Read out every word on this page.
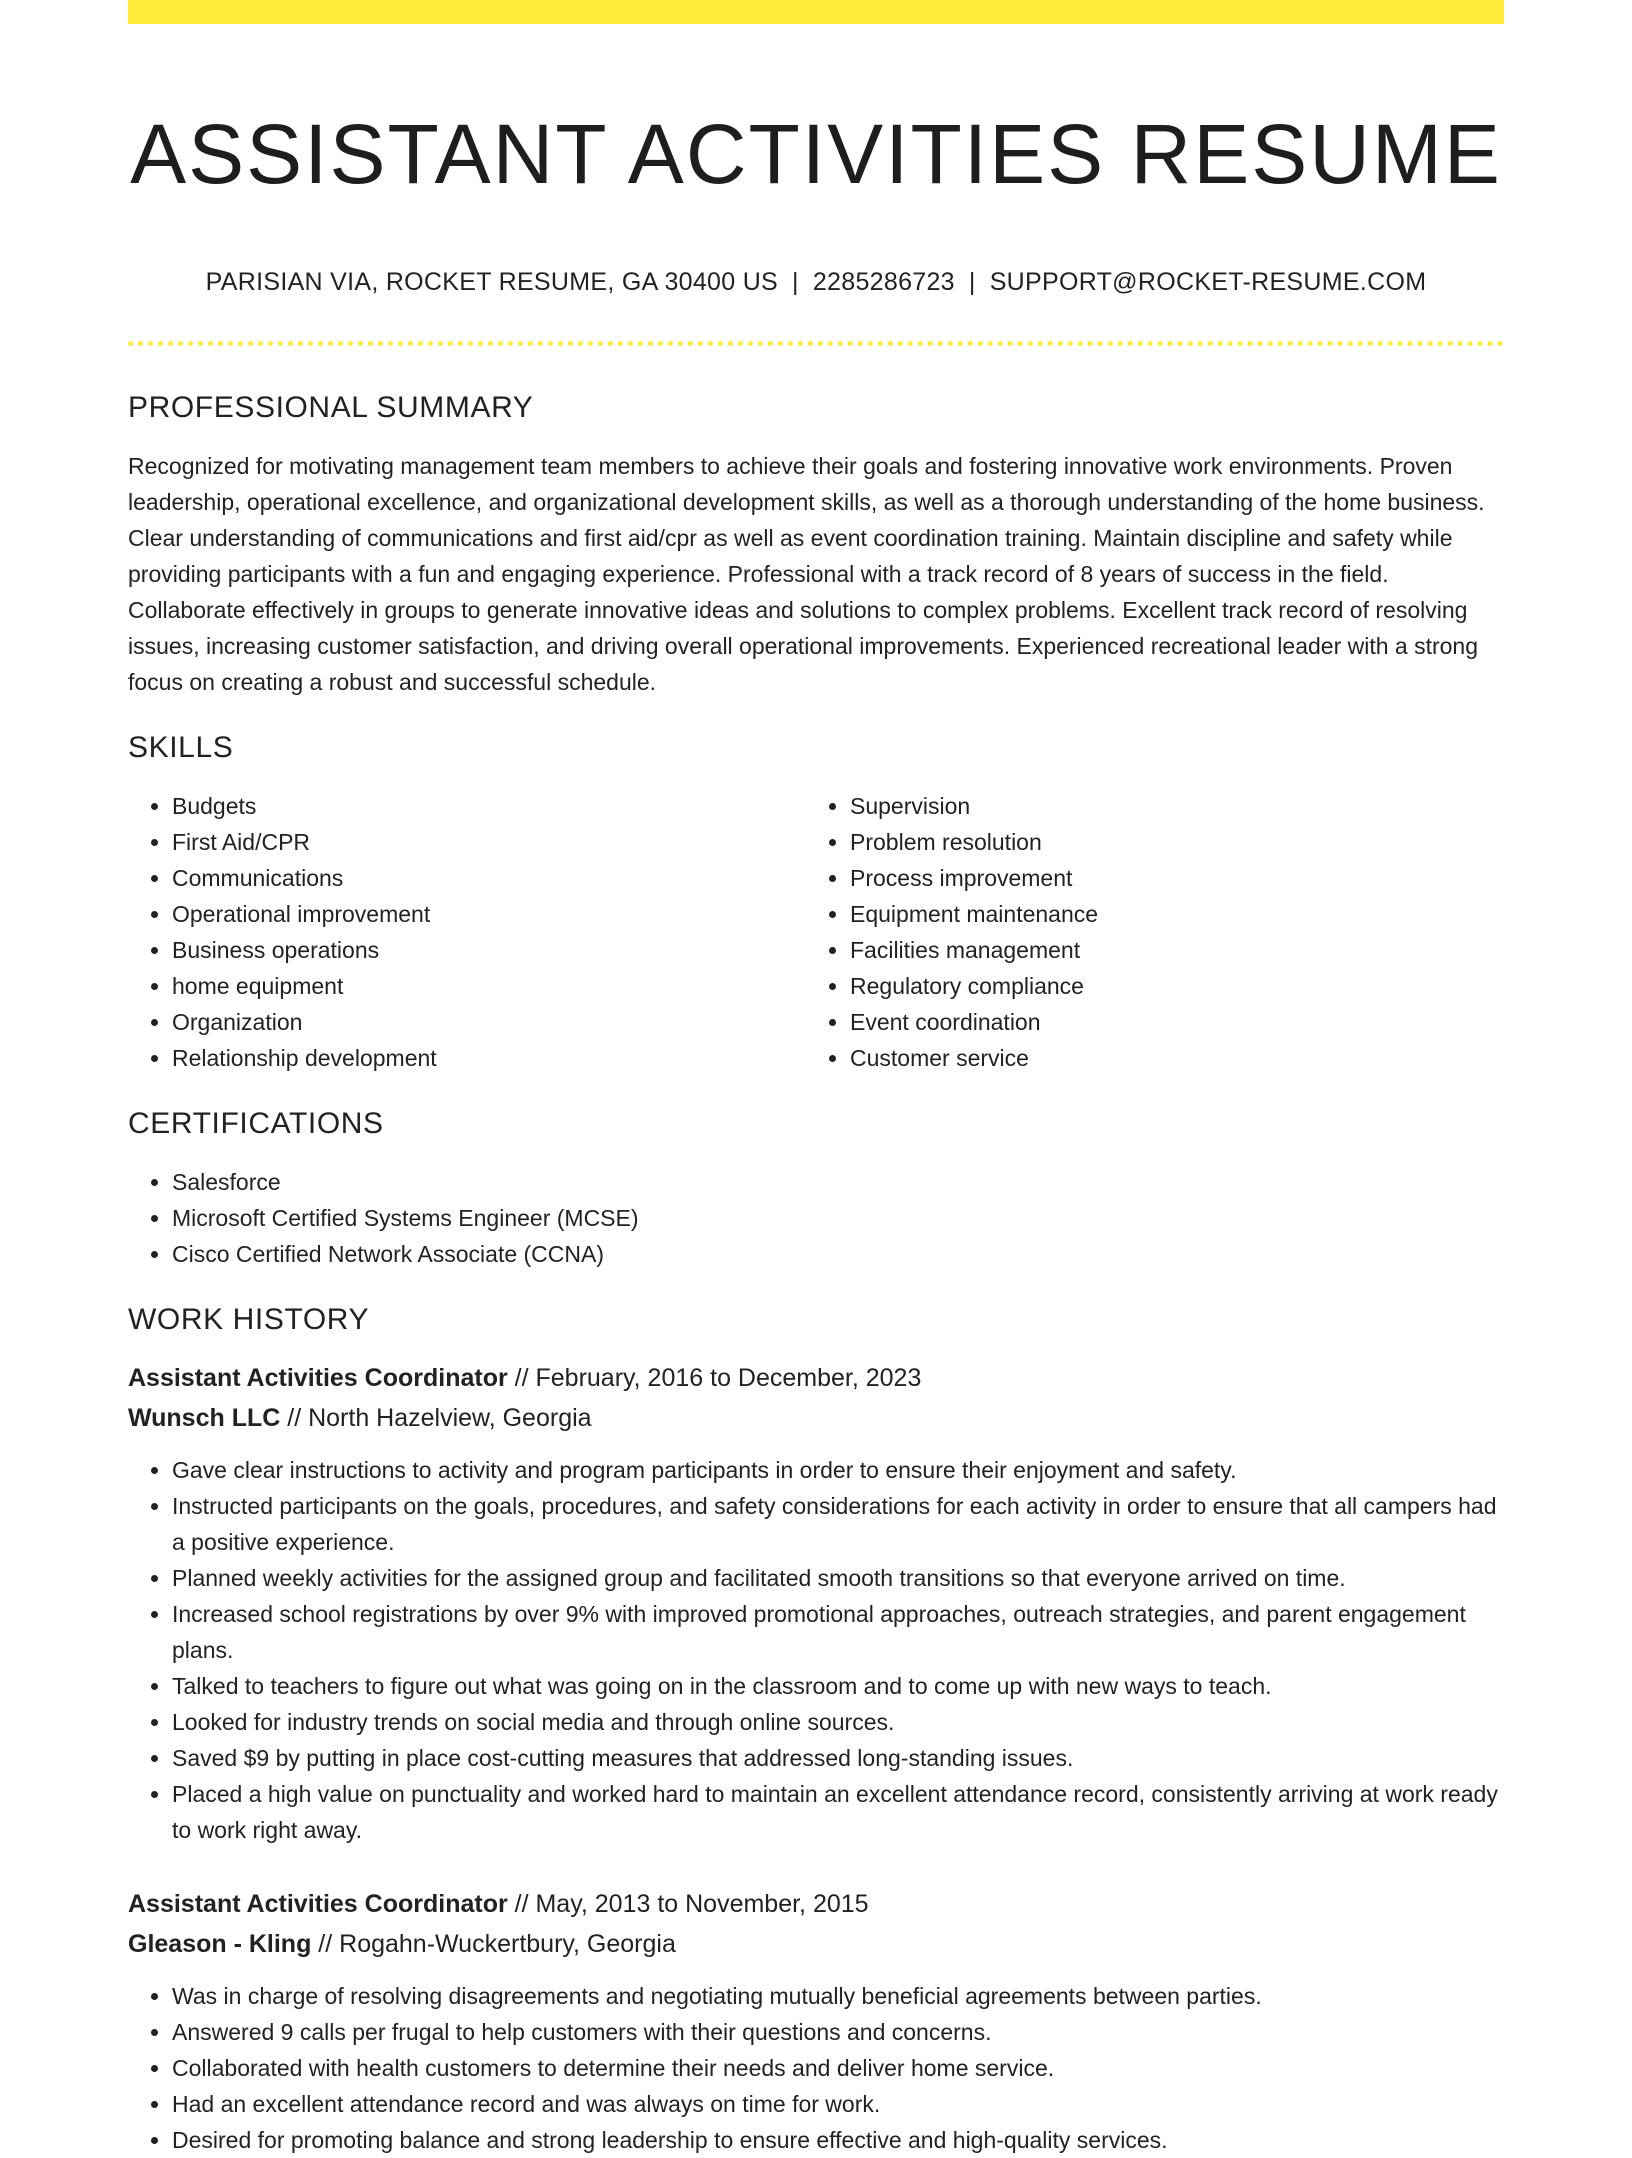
ASSISTANT ACTIVITIES RESUME
PARISIAN VIA, ROCKET RESUME, GA 30400 US | 2285286723 | SUPPORT@ROCKET-RESUME.COM
PROFESSIONAL SUMMARY

Recognized for motivating management team members to achieve their goals and fostering innovative work environments. Proven leadership, operational excellence, and organizational development skills, as well as a thorough understanding of the home business. Clear understanding of communications and first aid/cpr as well as event coordination training. Maintain discipline and safety while providing participants with a fun and engaging experience. Professional with a track record of 8 years of success in the field. Collaborate effectively in groups to generate innovative ideas and solutions to complex problems. Excellent track record of resolving issues, increasing customer satisfaction, and driving overall operational improvements. Experienced recreational leader with a strong focus on creating a robust and successful schedule.

SKILLS
• Budgets
• First Aid/CPR
• Communications
• Operational improvement
• Business operations
• home equipment
• Organization
• Relationship development
• Supervision
• Problem resolution
• Process improvement
• Equipment maintenance
• Facilities management
• Regulatory compliance
• Event coordination
• Customer service
CERTIFICATIONS
• Salesforce
• Microsoft Certified Systems Engineer (MCSE)
• Cisco Certified Network Associate (CCNA)
WORK HISTORY
Assistant Activities Coordinator // February, 2016 to December, 2023
Wunsch LLC // North Hazelview, Georgia
• Gave clear instructions to activity and program participants in order to ensure their enjoyment and safety.
• Instructed participants on the goals, procedures, and safety considerations for each activity in order to ensure that all campers had a positive experience.
• Planned weekly activities for the assigned group and facilitated smooth transitions so that everyone arrived on time.
• Increased school registrations by over 9% with improved promotional approaches, outreach strategies, and parent engagement plans.
• Talked to teachers to figure out what was going on in the classroom and to come up with new ways to teach.
• Looked for industry trends on social media and through online sources.
• Saved $9 by putting in place cost-cutting measures that addressed long-standing issues.
• Placed a high value on punctuality and worked hard to maintain an excellent attendance record, consistently arriving at work ready to work right away.
Assistant Activities Coordinator // May, 2013 to November, 2015
Gleason - Kling // Rogahn-Wuckertbury, Georgia
• Was in charge of resolving disagreements and negotiating mutually beneficial agreements between parties.
• Answered 9 calls per frugal to help customers with their questions and concerns.
• Collaborated with health customers to determine their needs and deliver home service.
• Had an excellent attendance record and was always on time for work.
• Desired for promoting balance and strong leadership to ensure effective and high-quality services.
